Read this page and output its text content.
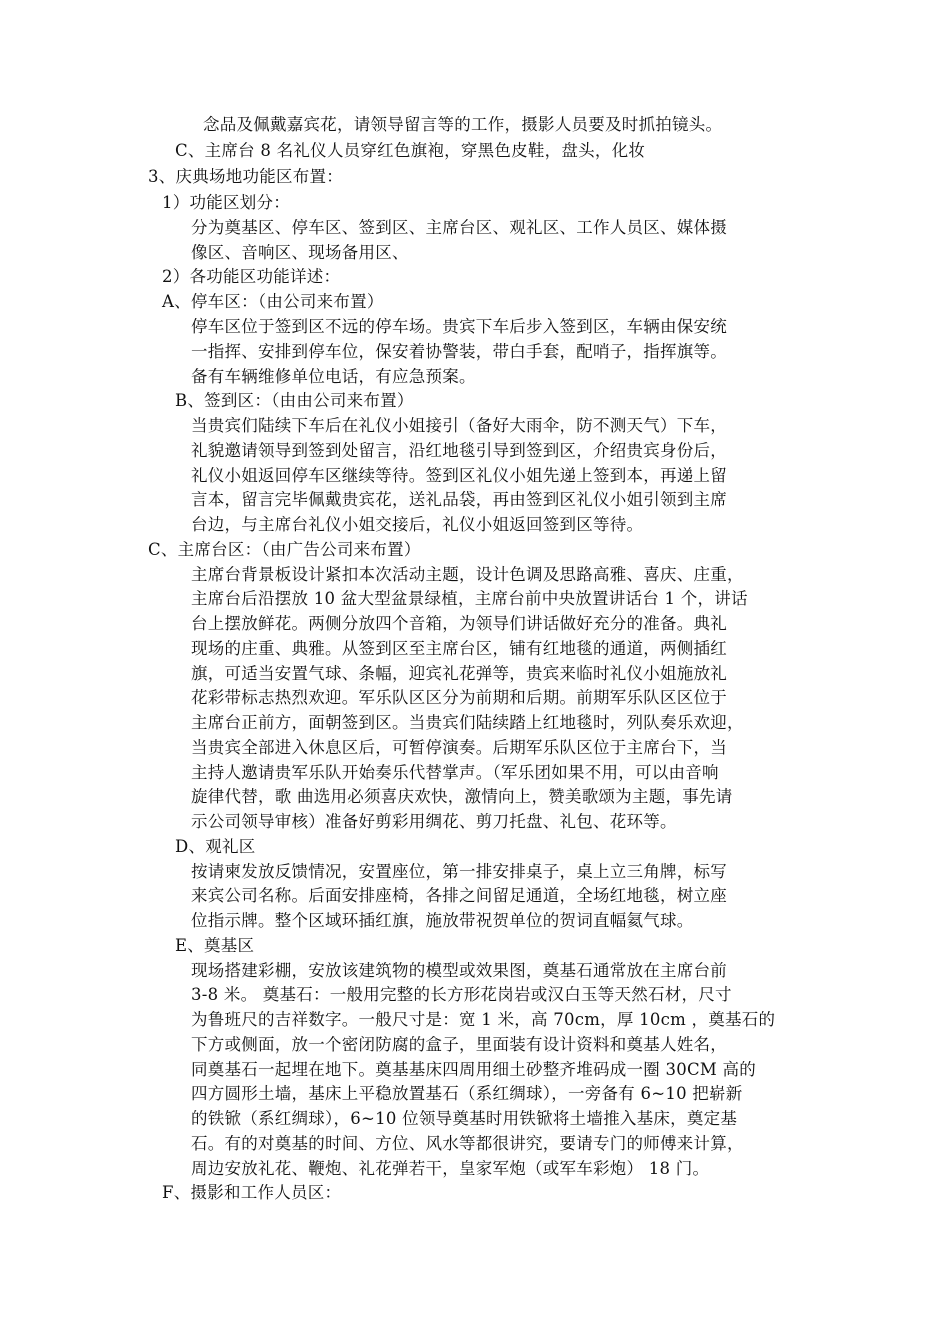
念品及佩戴嘉宾花，请领导留言等的工作，摄影人员要及时抓拍镜头。
C、主席台 8 名礼仪人员穿红色旗袍，穿黑色皮鞋，盘头，化妆
3、庆典场地功能区布置：
1）功能区划分：
分为奠基区、停车区、签到区、主席台区、观礼区、工作人员区、媒体摄
像区、音响区、现场备用区、
2）各功能区功能详述：
A、停车区：（由公司来布置）
停车区位于签到区不远的停车场。贵宾下车后步入签到区，车辆由保安统
一指挥、安排到停车位，保安着协警装，带白手套，配哨子，指挥旗等。
备有车辆维修单位电话，有应急预案。
B、签到区：（由由公司来布置）
当贵宾们陆续下车后在礼仪小姐接引（备好大雨伞，防不测天气）下车，
礼貌邀请领导到签到处留言，沿红地毯引导到签到区，介绍贵宾身份后，
礼仪小姐返回停车区继续等待。签到区礼仪小姐先递上签到本，再递上留
言本，留言完毕佩戴贵宾花，送礼品袋，再由签到区礼仪小姐引领到主席
台边，与主席台礼仪小姐交接后，礼仪小姐返回签到区等待。
C、主席台区：（由广告公司来布置）
主席台背景板设计紧扣本次活动主题，设计色调及思路高雅、喜庆、庄重，
主席台后沿摆放 10 盆大型盆景绿植，主席台前中央放置讲话台 1 个，讲话
台上摆放鲜花。两侧分放四个音箱，为领导们讲话做好充分的准备。典礼
现场的庄重、典雅。从签到区至主席台区，铺有红地毯的通道，两侧插红
旗，可适当安置气球、条幅，迎宾礼花弹等，贵宾来临时礼仪小姐施放礼
花彩带标志热烈欢迎。军乐队区区分为前期和后期。前期军乐队区区位于
主席台正前方，面朝签到区。当贵宾们陆续踏上红地毯时，列队奏乐欢迎，
当贵宾全部进入休息区后，可暂停演奏。后期军乐队区位于主席台下，当
主持人邀请贵军乐队开始奏乐代替掌声。（军乐团如果不用，可以由音响
旋律代替，歌 曲选用必须喜庆欢快，激情向上，赞美歌颂为主题，事先请
示公司领导审核）准备好剪彩用绸花、剪刀托盘、礼包、花环等。
D、观礼区
按请柬发放反馈情况，安置座位，第一排安排桌子，桌上立三角牌，标写
来宾公司名称。后面安排座椅，各排之间留足通道，全场红地毯，树立座
位指示牌。整个区域环插红旗，施放带祝贺单位的贺词直幅氦气球。
E、奠基区
现场搭建彩棚，安放该建筑物的模型或效果图，奠基石通常放在主席台前
3-8 米。 奠基石：一般用完整的长方形花岗岩或汉白玉等天然石材，尺寸
为鲁班尺的吉祥数字。一般尺寸是：宽 1 米，高 70cm，厚 10cm ，奠基石的
下方或侧面，放一个密闭防腐的盒子，里面装有设计资料和奠基人姓名，
同奠基石一起埋在地下。奠基基床四周用细土砂整齐堆码成一圈 30CM 高的
四方圆形土墙，基床上平稳放置基石（系红绸球），一旁备有 6~10 把崭新
的铁锨（系红绸球），6~10 位领导奠基时用铁锨将土墙推入基床，奠定基
石。有的对奠基的时间、方位、风水等都很讲究，要请专门的师傅来计算，
周边安放礼花、鞭炮、礼花弹若干，皇家军炮（或军车彩炮） 18 门。
F、摄影和工作人员区：
